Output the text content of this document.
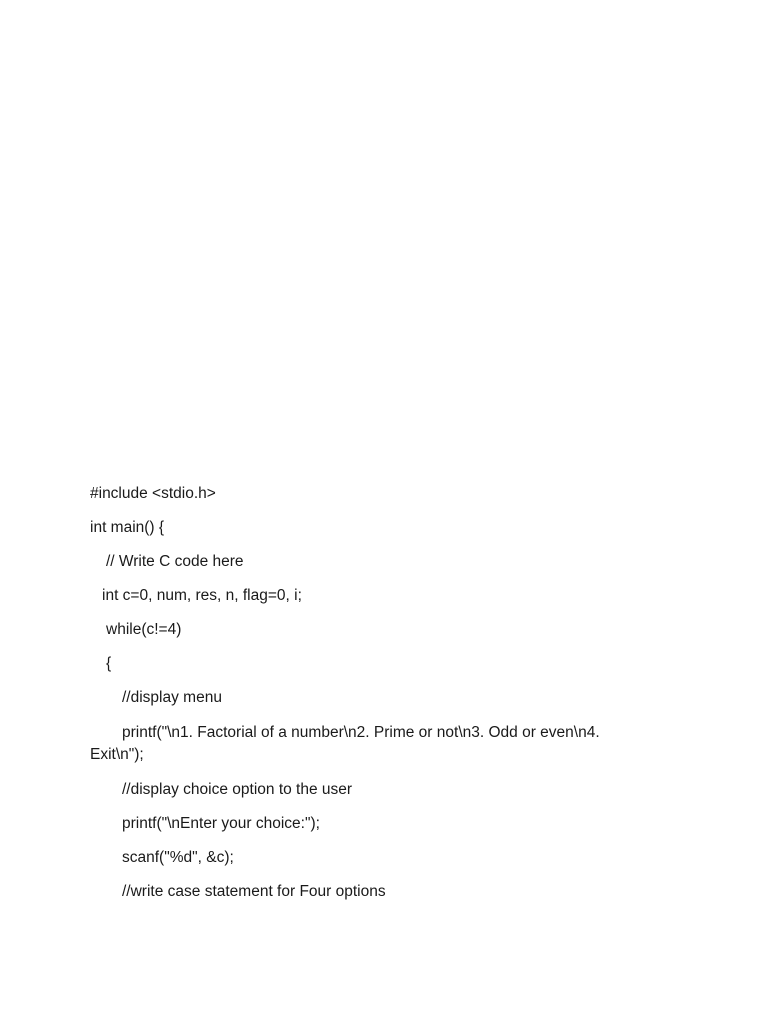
#include <stdio.h>
int main() {
// Write C code here
int c=0, num, res, n, flag=0, i;
while(c!=4)
{
//display menu
printf("\n1. Factorial of a number\n2. Prime or not\n3. Odd or even\n4.
Exit\n");
//display choice option to the user
printf("\nEnter your choice:");
scanf("%d", &c);
//write case statement for Four options
